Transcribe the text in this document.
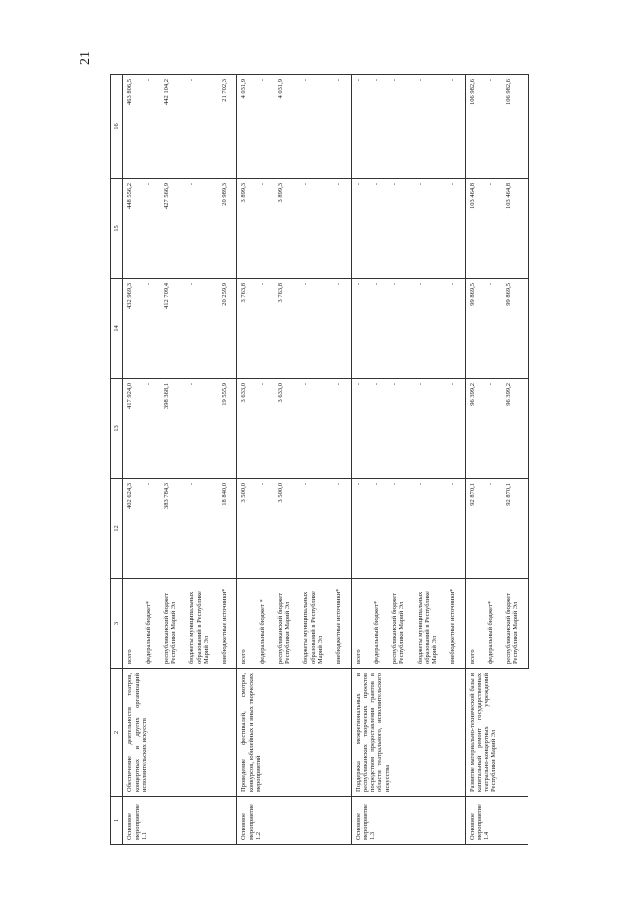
21
1	2	3	12	13	14	15	16
Основное мероприятие 1.1	Обеспечение деятельности театров, концертных и других организаций исполнительских искусств	всего	402 624,3	417 924,0	432 969,3	448 556,2	463 806,5
		федеральный бюджет*	-	-	-	-	-
		республиканский бюджет Республики Марий Эл	383 784,3	398 368,1	412 709,4	427 566,9	442 104,2
		бюджеты муниципальных образований в Республике Марий Эл	-	-	-	-	-
		внебюджетные источники*	18 840,0	19 555,9	20 259,9	20 989,3	21 702,3
Основное мероприятие 1.2	Проведение фестивалей, смотров, конкурсов, юбилейных и иных творческих мероприятий	всего	3 500,0	3 633,0	3 763,8	3 899,3	4 031,9
		федеральный бюджет *	-	-	-	-	-
		республиканский бюджет Республики Марий Эл	3 500,0	3 633,0	3 763,8	3 899,3	4 031,9
		бюджеты муниципальных образований в Республике Марий Эл	-	-	-	-	-
		внебюджетные источники*	-	-	-	-	-
Основное мероприятие 1.3	Поддержка межрегиональных и республиканских творческих проектов посредством предоставления грантов в области театрального, исполнительского искусства	всего	-	-	-	-	-
		федеральный бюджет*	-	-	-	-	-
		республиканский бюджет Республики Марий Эл	-	-	-	-	-
		бюджеты муниципальных образований в Республике Марий Эл	-	-	-	-	-
		внебюджетные источники*	-	-	-	-	-
Основное мероприятие 1.4	Развитие материально-технической базы и капитальный ремонт государственных театрально-концертных учреждений Республики Марий Эл	всего	92 870,1	96 399,2	99 869,5	103 464,8	106 982,6
		федеральный бюджет*	-	-	-	-	-
		республиканский бюджет Республики Марий Эл	92 870,1	96 399,2	99 869,5	103 464,8	106 982,6
